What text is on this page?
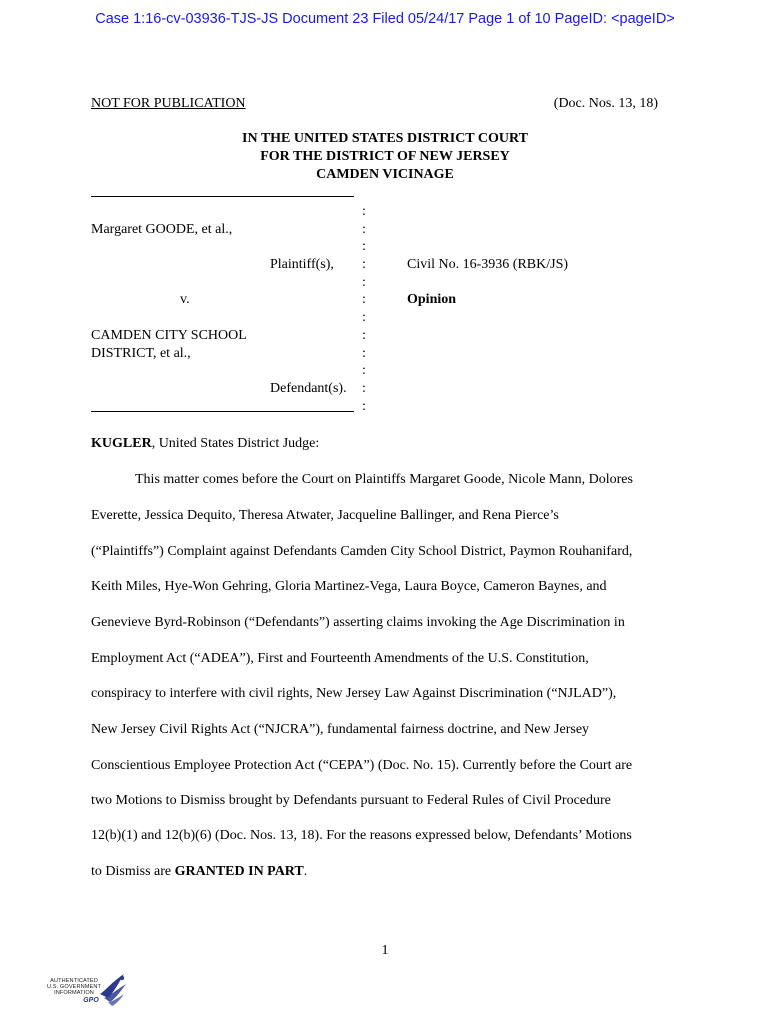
Case 1:16-cv-03936-TJS-JS Document 23 Filed 05/24/17 Page 1 of 10 PageID: <pageID>
NOT FOR PUBLICATION	(Doc. Nos. 13, 18)
IN THE UNITED STATES DISTRICT COURT
FOR THE DISTRICT OF NEW JERSEY
CAMDEN VICINAGE
Margaret GOODE, et al.,
Plaintiff(s),
v.
CAMDEN CITY SCHOOL
DISTRICT, et al.,
Defendant(s).
:
:
:
:
:
:
:
:
:
:
:
:
Civil No. 16-3936 (RBK/JS)
Opinion
KUGLER, United States District Judge:
This matter comes before the Court on Plaintiffs Margaret Goode, Nicole Mann, Dolores
Everette, Jessica Dequito, Theresa Atwater, Jacqueline Ballinger, and Rena Pierce’s
(“Plaintiffs”) Complaint against Defendants Camden City School District, Paymon Rouhanifard,
Keith Miles, Hye-Won Gehring, Gloria Martinez-Vega, Laura Boyce, Cameron Baynes, and
Genevieve Byrd-Robinson (“Defendants”) asserting claims invoking the Age Discrimination in
Employment Act (“ADEA”), First and Fourteenth Amendments of the U.S. Constitution,
conspiracy to interfere with civil rights, New Jersey Law Against Discrimination (“NJLAD”),
New Jersey Civil Rights Act (“NJCRA”), fundamental fairness doctrine, and New Jersey
Conscientious Employee Protection Act (“CEPA”) (Doc. No. 15). Currently before the Court are
two Motions to Dismiss brought by Defendants pursuant to Federal Rules of Civil Procedure
12(b)(1) and 12(b)(6) (Doc. Nos. 13, 18). For the reasons expressed below, Defendants’ Motions
to Dismiss are GRANTED IN PART.
1
AUTHENTICATED
U.S. GOVERNMENT
INFORMATION
GPO
